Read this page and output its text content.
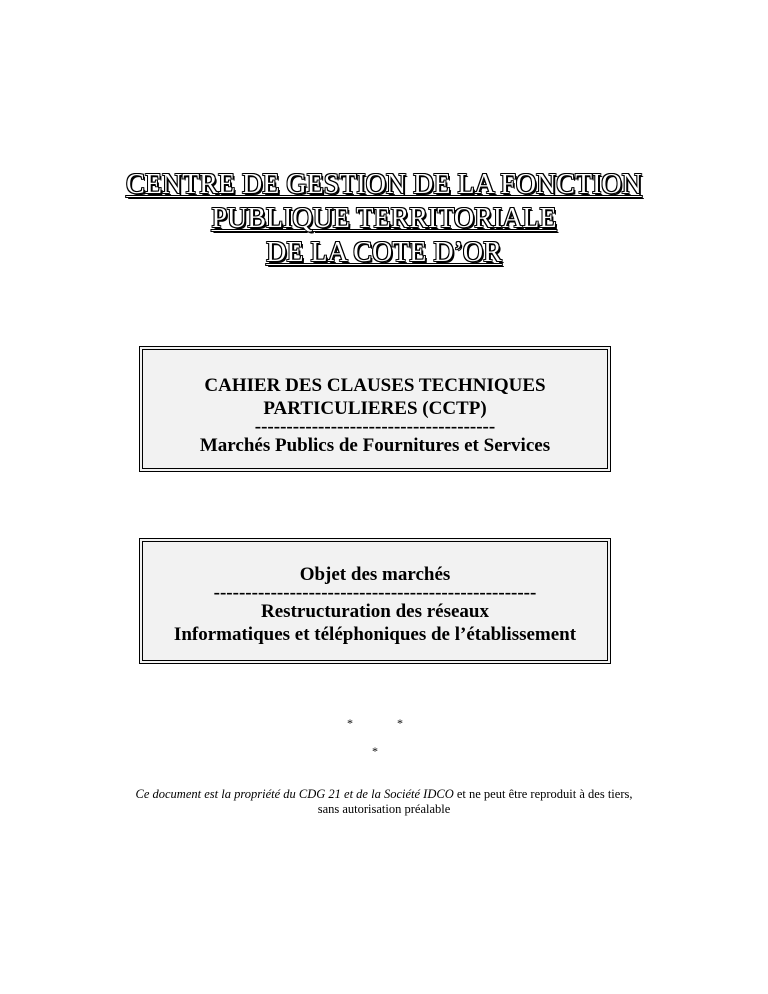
CENTRE DE GESTION DE LA FONCTION
PUBLIQUE TERRITORIALE
DE LA COTE D’OR
CAHIER DES CLAUSES TECHNIQUES
PARTICULIERES (CCTP)
--------------------------------------
Marchés Publics de Fournitures et Services
Objet des marchés
---------------------------------------------------
Restructuration des réseaux
Informatiques et téléphoniques de l’établissement
*	*
*
Ce document est la propriété du CDG 21 et de la Société IDCO et ne peut être reproduit à des tiers,
sans autorisation préalable
